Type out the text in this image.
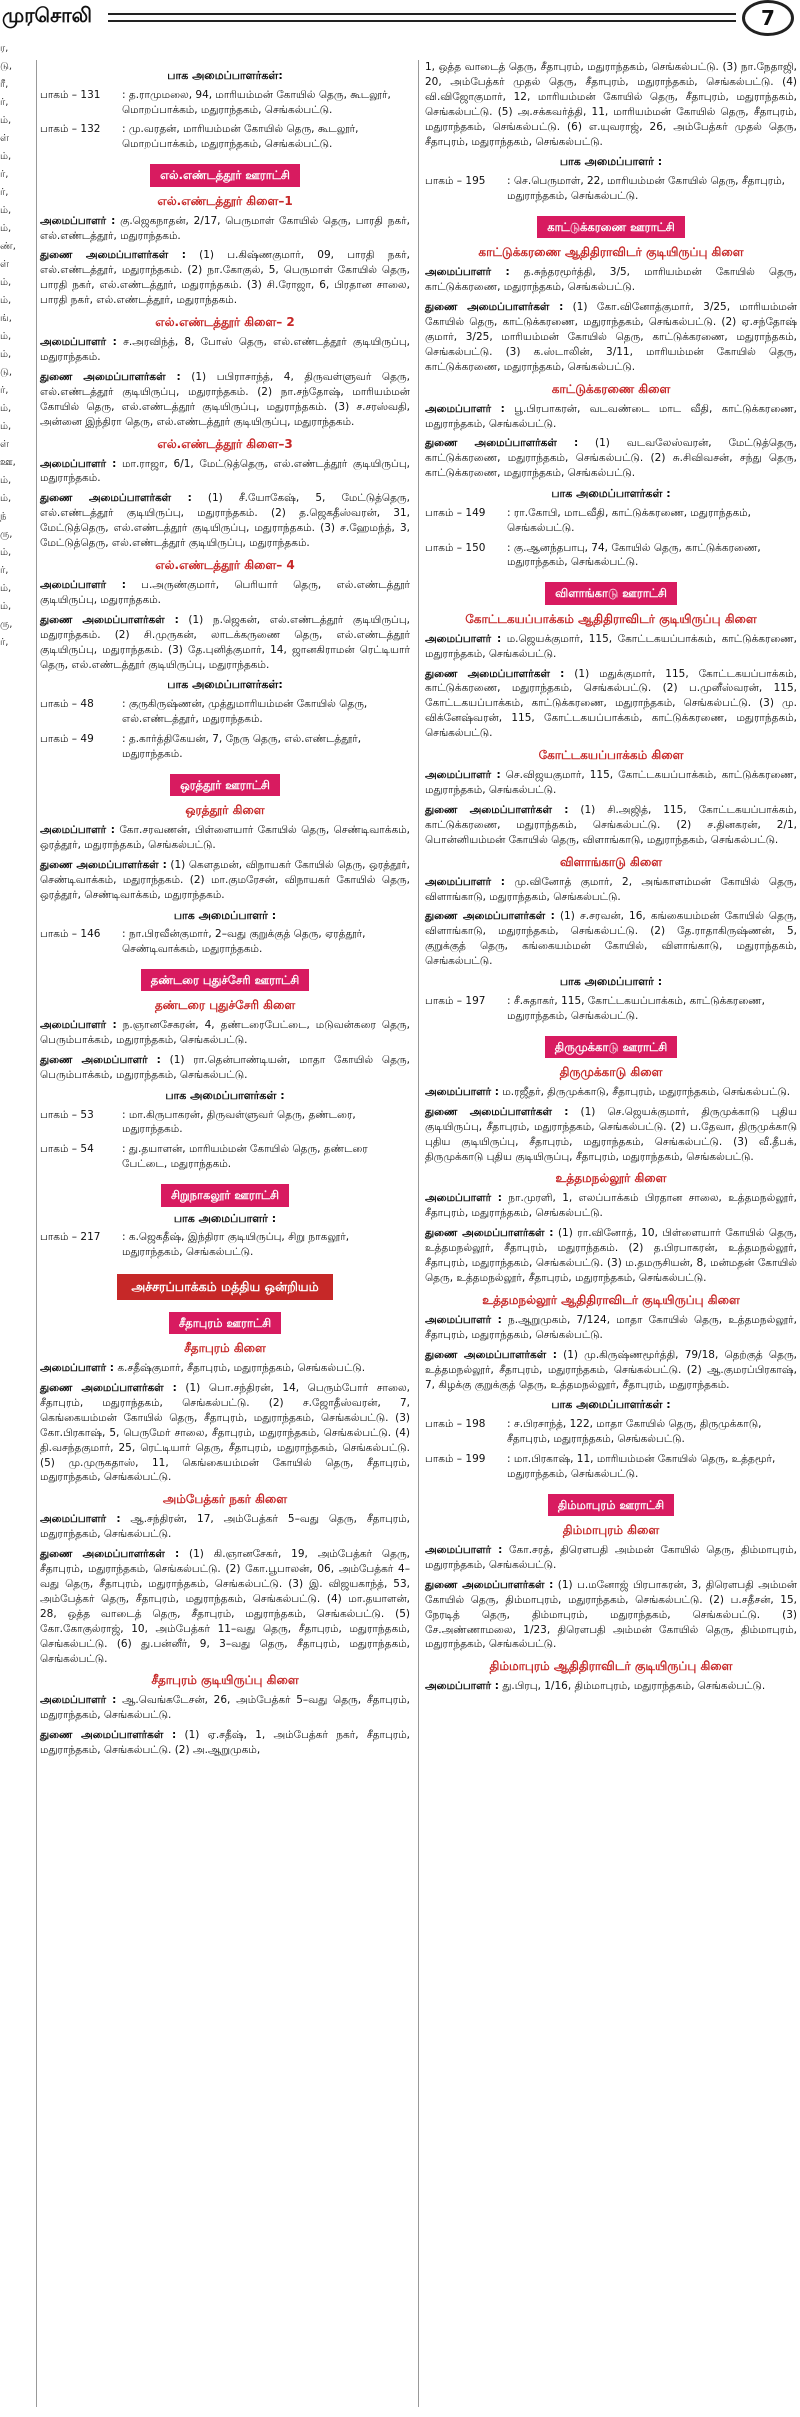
முரசொலி	7
ர,
டு,
ரீ,
ர்,
ம்,
ள்
ம்,
ர்,
ர்,
ம்,
ம்,
ண்,
ள்
ம்,
ம்,
ங்,
ம்,
ம்,
டு,
ர்,
ம்,
ம்,
ள்
ஊ,
ம்,
ம்,
ந்
ரு,
ம்,
ர்,
ம்,
ம்,
ரு,
ர்,
பாக அமைப்பாளர்கள்:
பாகம் – 131	: த.ராமுமலை, 94, மாரியம்மன் கோயில் தெரு, கூடலூர், மொறப்பாக்கம், மதுராந்தகம், செங்கல்பட்டு.
பாகம் – 132	: மு.வரதன், மாரியம்மன் கோயில் தெரு, கூடலூர், மொறப்பாக்கம், மதுராந்தகம், செங்கல்பட்டு.
எல்.எண்டத்தூர் ஊராட்சி
எல்.எண்டத்தூர் கிளை–1
அமைப்பாளர் : கு.ஜெகநாதன், 2/17, பெருமாள் கோயில் தெரு, பாரதி நகர், எல்.எண்டத்தூர், மதுராந்தகம்.
துணை அமைப்பாளர்கள் : (1) ப.கிஷ்ணகுமார், 09, பாரதி நகர், எல்.எண்டத்தூர், மதுராந்தகம். (2) நா.கோகுல், 5, பெருமாள் கோயில் தெரு, பாரதி நகர், எல்.எண்டத்தூர், மதுராந்தகம். (3) சி.ரோஜா, 6, பிரதான சாலை, பாரதி நகர், எல்.எண்டத்தூர், மதுராந்தகம்.
எல்.எண்டத்தூர் கிளை– 2
அமைப்பாளர் : ச.அரவிந்த், 8, போஸ் தெரு, எல்.எண்டத்தூர் குடியிருப்பு, மதுராந்தகம்.
துணை அமைப்பாளர்கள் : (1) பபிராசாந்த், 4, திருவள்ளுவர் தெரு, எல்.எண்டத்தூர் குடியிருப்பு, மதுராந்தகம். (2) நா.சந்தோஷ், மாரியம்மன் கோயில் தெரு, எல்.எண்டத்தூர் குடியிருப்பு, மதுராந்தகம். (3) ச.சரஸ்வதி, அன்னை இந்திரா தெரு, எல்.எண்டத்தூர் குடியிருப்பு, மதுராந்தகம்.
எல்.எண்டத்தூர் கிளை–3
அமைப்பாளர் : மா.ராஜா, 6/1, மேட்டுத்தெரு, எல்.எண்டத்தூர் குடியிருப்பு, மதுராந்தகம்.
துணை அமைப்பாளர்கள் : (1) சீ.யோகேஷ், 5, மேட்டுத்தெரு, எல்.எண்டத்தூர் குடியிருப்பு, மதுராந்தகம். (2) த.ஜெகதீஸ்வரன், 31, மேட்டுத்தெரு, எல்.எண்டத்தூர் குடியிருப்பு, மதுராந்தகம். (3) ச.ஹேமந்த், 3, மேட்டுத்தெரு, எல்.எண்டத்தூர் குடியிருப்பு, மதுராந்தகம்.
எல்.எண்டத்தூர் கிளை– 4
அமைப்பாளர் : ப.அருண்குமார், பெரியார் தெரு, எல்.எண்டத்தூர் குடியிருப்பு, மதுராந்தகம்.
துணை அமைப்பாளர்கள் : (1) ந.ஜெகன், எல்.எண்டத்தூர் குடியிருப்பு, மதுராந்தகம். (2) சி.முருகன், லாடக்கருணை தெரு, எல்.எண்டத்தூர் குடியிருப்பு, மதுராந்தகம். (3) தே.புனித்குமார், 14, ஜானகிராமன் ரெட்டியார் தெரு, எல்.எண்டத்தூர் குடியிருப்பு, மதுராந்தகம்.
பாக அமைப்பாளர்கள்:
பாகம் – 48	: குருகிருஷ்ணன், முத்துமாரியம்மன் கோயில் தெரு, எல்.எண்டத்தூர், மதுராந்தகம்.
பாகம் – 49	: த.கார்த்திகேயன், 7, நேரு தெரு, எல்.எண்டத்தூர், மதுராந்தகம்.
ஒரத்தூர் ஊராட்சி
ஒரத்தூர் கிளை
அமைப்பாளர் : கோ.சரவணன், பிள்ளையார் கோயில் தெரு, செண்டிவாக்கம், ஒரத்தூர், மதுராந்தகம், செங்கல்பட்டு.
துணை அமைப்பாளர்கள் : (1) கௌதமன், விநாயகர் கோயில் தெரு, ஒரத்தூர், செண்டிவாக்கம், மதுராந்தகம். (2) மா.குமரேசன், விநாயகர் கோயில் தெரு, ஒரத்தூர், செண்டிவாக்கம், மதுராந்தகம்.
பாக அமைப்பாளர் :
பாகம் – 146	: நா.பிரவீன்குமார், 2–வது குறுக்குத் தெரு, ஏரத்தூர், செண்டிவாக்கம், மதுராந்தகம்.
தண்டரை புதுச்சேரி ஊராட்சி
தண்டரை புதுச்சேரி கிளை
அமைப்பாளர் : ந.ஞானசேகரன், 4, தண்டரைபேட்டை, மடுவன்கரை தெரு, பெரும்பாக்கம், மதுராந்தகம், செங்கல்பட்டு.
துணை அமைப்பாளர் : (1) ரா.தென்பாண்டியன், மாதா கோயில் தெரு, பெரும்பாக்கம், மதுராந்தகம், செங்கல்பட்டு.
பாக அமைப்பாளர்கள் :
பாகம் – 53	: மா.கிருபாகரன், திருவள்ளுவர் தெரு, தண்டரை, மதுராந்தகம்.
பாகம் – 54	: து.தயாளன், மாரியம்மன் கோயில் தெரு, தண்டரை பேட்டை, மதுராந்தகம்.
சிறுநாகலூர் ஊராட்சி
பாக அமைப்பாளர் :
பாகம் – 217	: க.ஜெகதீஷ், இந்திரா குடியிருப்பு, சிறு நாகலூர், மதுராந்தகம், செங்கல்பட்டு.
அச்சரப்பாக்கம் மத்திய ஒன்றியம்
சீதாபுரம் ஊராட்சி
சீதாபுரம் கிளை
அமைப்பாளர் : க.சதீஷ்குமார், சீதாபுரம், மதுராந்தகம், செங்கல்பட்டு.
துணை அமைப்பாளர்கள் : (1) பொ.சந்திரன், 14, பெரும்போர் சாலை, சீதாபுரம், மதுராந்தகம், செங்கல்பட்டு. (2) ச.ஜோதீஸ்வரன், 7, கெங்கையம்மன் கோயில் தெரு, சீதாபுரம், மதுராந்தகம், செங்கல்பட்டு. (3) கோ.பிரகாஷ், 5, பெருமேர் சாலை, சீதாபுரம், மதுராந்தகம், செங்கல்பட்டு. (4) தி.வசந்தகுமார், 25, ரெட்டியார் தெரு, சீதாபுரம், மதுராந்தகம், செங்கல்பட்டு. (5) மு.முருகதாஸ், 11, கெங்கையம்மன் கோயில் தெரு, சீதாபுரம், மதுராந்தகம், செங்கல்பட்டு.
அம்பேத்கர் நகர் கிளை
அமைப்பாளர் : ஆ.சந்திரன், 17, அம்பேத்கர் 5–வது தெரு, சீதாபுரம், மதுராந்தகம், செங்கல்பட்டு.
துணை அமைப்பாளர்கள் : (1) கி.ஞானசேகர், 19, அம்பேத்கர் தெரு, சீதாபுரம், மதுராந்தகம், செங்கல்பட்டு. (2) கோ.பூபாலன், 06, அம்பேத்கர் 4–வது தெரு, சீதாபுரம், மதுராந்தகம், செங்கல்பட்டு. (3) இ. விஜயகாந்த், 53, அம்பேத்கர் தெரு, சீதாபுரம், மதுராந்தகம், செங்கல்பட்டு. (4) மா.தயாளன், 28, ஒத்த வாடைத் தெரு, சீதாபுரம், மதுராந்தகம், செங்கல்பட்டு. (5) கோ.கோகுல்ராஜ், 10, அம்பேத்கர் 11–வது தெரு, சீதாபுரம், மதுராந்தகம், செங்கல்பட்டு. (6) து.பன்னீர், 9, 3–வது தெரு, சீதாபுரம், மதுராந்தகம், செங்கல்பட்டு.
சீதாபுரம் குடியிருப்பு கிளை
அமைப்பாளர் : ஆ.வெங்கடேசன், 26, அம்பேத்கர் 5–வது தெரு, சீதாபுரம், மதுராந்தகம், செங்கல்பட்டு.
துணை அமைப்பாளர்கள் : (1) ஏ.சதீஷ், 1, அம்பேத்கர் நகர், சீதாபுரம், மதுராந்தகம், செங்கல்பட்டு. (2) அ.ஆறுமுகம்,
1, ஒத்த வாடைத் தெரு, சீதாபுரம், மதுராந்தகம், செங்கல்பட்டு. (3) நா.நேதாஜி, 20, அம்பேத்கர் முதல் தெரு, சீதாபுரம், மதுராந்தகம், செங்கல்பட்டு. (4) வி.விஜோகுமார், 12, மாரியம்மன் கோயில் தெரு, சீதாபுரம், மதுராந்தகம், செங்கல்பட்டு. (5) அ.சக்கவர்த்தி, 11, மாரியம்மன் கோயில் தெரு, சீதாபுரம், மதுராந்தகம், செங்கல்பட்டு. (6) எ.யுவராஜ், 26, அம்பேத்கர் முதல் தெரு, சீதாபுரம், மதுராந்தகம், செங்கல்பட்டு.
பாக அமைப்பாளர் :
பாகம் – 195	: செ.பெருமாள், 22, மாரியம்மன் கோயில் தெரு, சீதாபுரம், மதுராந்தகம், செங்கல்பட்டு.
காட்டுக்கரணை ஊராட்சி
காட்டுக்கரணை ஆதிதிராவிடர் குடியிருப்பு கிளை
அமைப்பாளர் : த.சுந்தரமூர்த்தி, 3/5, மாரியம்மன் கோயில் தெரு, காட்டுக்கரணை, மதுராந்தகம், செங்கல்பட்டு.
துணை அமைப்பாளர்கள் : (1) கோ.வினோத்குமார், 3/25, மாரியம்மன் கோயில் தெரு, காட்டுக்கரணை, மதுராந்தகம், செங்கல்பட்டு. (2) ஏ.சந்தோஷ் குமார், 3/25, மாரியம்மன் கோயில் தெரு, காட்டுக்கரணை, மதுராந்தகம், செங்கல்பட்டு. (3) க.ஸ்டாலின், 3/11, மாரியம்மன் கோயில் தெரு, காட்டுக்கரணை, மதுராந்தகம், செங்கல்பட்டு.
காட்டுக்கரணை கிளை
அமைப்பாளர் : பூ.பிரபாகரன், வடவண்டை மாட வீதி, காட்டுக்கரணை, மதுராந்தகம், செங்கல்பட்டு.
துணை அமைப்பாளர்கள் : (1) வடவலேஸ்வரன், மேட்டுத்தெரு, காட்டுக்கரணை, மதுராந்தகம், செங்கல்பட்டு. (2) சு.சிவிவசன், சந்து தெரு, காட்டுக்கரணை, மதுராந்தகம், செங்கல்பட்டு.
பாக அமைப்பாளர்கள் :
பாகம் – 149	: ரா.கோபி, மாடவீதி, காட்டுக்கரணை, மதுராந்தகம், செங்கல்பட்டு.
பாகம் – 150	: கு.ஆனந்தபாபு, 74, கோயில் தெரு, காட்டுக்கரணை, மதுராந்தகம், செங்கல்பட்டு.
விளாங்காடு ஊராட்சி
கோட்டகயப்பாக்கம் ஆதிதிராவிடர் குடியிருப்பு கிளை
அமைப்பாளர் : ம.ஜெயக்குமார், 115, கோட்டகயப்பாக்கம், காட்டுக்கரணை, மதுராந்தகம், செங்கல்பட்டு.
துணை அமைப்பாளர்கள் : (1) மதுக்குமார், 115, கோட்டகயப்பாக்கம், காட்டுக்கரணை, மதுராந்தகம், செங்கல்பட்டு. (2) ப.முனீஸ்வரன், 115, கோட்டகயப்பாக்கம், காட்டுக்கரணை, மதுராந்தகம், செங்கல்பட்டு. (3) மு. விக்னேஷ்வரன், 115, கோட்டகயப்பாக்கம், காட்டுக்கரணை, மதுராந்தகம், செங்கல்பட்டு.
கோட்டகயப்பாக்கம் கிளை
அமைப்பாளர் : செ.விஜயகுமார், 115, கோட்டகயப்பாக்கம், காட்டுக்கரணை, மதுராந்தகம், செங்கல்பட்டு.
துணை அமைப்பாளர்கள் : (1) சி.அஜித், 115, கோட்டகயப்பாக்கம், காட்டுக்கரணை, மதுராந்தகம், செங்கல்பட்டு. (2) ச.தினகரன், 2/1, பொன்னியம்மன் கோயில் தெரு, விளாங்காடு, மதுராந்தகம், செங்கல்பட்டு.
விளாங்காடு கிளை
அமைப்பாளர் : மு.வினோத் குமார், 2, அங்காளம்மன் கோயில் தெரு, விளாங்காடு, மதுராந்தகம், செங்கல்பட்டு.
துணை அமைப்பாளர்கள் : (1) ச.சரவன், 16, கங்கையம்மன் கோயில் தெரு, விளாங்காடு, மதுராந்தகம், செங்கல்பட்டு. (2) தே.ராதாகிருஷ்ணன், 5, குறுக்குத் தெரு, கங்கையம்மன் கோயில், விளாங்காடு, மதுராந்தகம், செங்கல்பட்டு.
பாக அமைப்பாளர் :
பாகம் – 197	: சீ.சுதாகர், 115, கோட்டகயப்பாக்கம், காட்டுக்கரணை, மதுராந்தகம், செங்கல்பட்டு.
திருமுக்காடு ஊராட்சி
திருமுக்காடு கிளை
அமைப்பாளர் : ம.ரஜீதர், திருமுக்காடு, சீதாபுரம், மதுராந்தகம், செங்கல்பட்டு.
துணை அமைப்பாளர்கள் : (1) செ.ஜெயக்குமார், திருமுக்காடு புதிய குடியிருப்பு, சீதாபுரம், மதுராந்தகம், செங்கல்பட்டு. (2) ப.தேவா, திருமுக்காடு புதிய குடியிருப்பு, சீதாபுரம், மதுராந்தகம், செங்கல்பட்டு. (3) வீ.தீபக், திருமுக்காடு புதிய குடியிருப்பு, சீதாபுரம், மதுராந்தகம், செங்கல்பட்டு.
உத்தமநல்லூர் கிளை
அமைப்பாளர் : நா.முரளி, 1, எலப்பாக்கம் பிரதான சாலை, உத்தமநல்லூர், சீதாபுரம், மதுராந்தகம், செங்கல்பட்டு.
துணை அமைப்பாளர்கள் : (1) ரா.வினோத், 10, பிள்ளையார் கோயில் தெரு, உத்தமநல்லூர், சீதாபுரம், மதுராந்தகம். (2) த.பிரபாகரன், உத்தமநல்லூர், சீதாபுரம், மதுராந்தகம், செங்கல்பட்டு. (3) ம.தமருசியன், 8, மன்மதன் கோயில் தெரு, உத்தமநல்லூர், சீதாபுரம், மதுராந்தகம், செங்கல்பட்டு.
உத்தமநல்லூர் ஆதிதிராவிடர் குடியிருப்பு கிளை
அமைப்பாளர் : ந.ஆறுமுகம், 7/124, மாதா கோயில் தெரு, உத்தமநல்லூர், சீதாபுரம், மதுராந்தகம், செங்கல்பட்டு.
துணை அமைப்பாளர்கள் : (1) மு.கிருஷ்ணமூர்த்தி, 79/18, தெற்குத் தெரு, உத்தமநல்லூர், சீதாபுரம், மதுராந்தகம், செங்கல்பட்டு. (2) ஆ.குமரப்பிரகாஷ், 7, கிழக்கு குறுக்குத் தெரு, உத்தமநல்லூர், சீதாபுரம், மதுராந்தகம்.
பாக அமைப்பாளர்கள் :
பாகம் – 198	: ச.பிரசாந்த், 122, மாதா கோயில் தெரு, திருமுக்காடு, சீதாபுரம், மதுராந்தகம், செங்கல்பட்டு.
பாகம் – 199	: மா.பிரகாஷ், 11, மாரியம்மன் கோயில் தெரு, உத்தமூர், மதுராந்தகம், செங்கல்பட்டு.
திம்மாபுரம் ஊராட்சி
திம்மாபுரம் கிளை
அமைப்பாளர் : கோ.சரத், திரௌபதி அம்மன் கோயில் தெரு, திம்மாபுரம், மதுராந்தகம், செங்கல்பட்டு.
துணை அமைப்பாளர்கள் : (1) ப.மனோஜ் பிரபாகரன், 3, திரௌபதி அம்மன் கோயில் தெரு, திம்மாபுரம், மதுராந்தகம், செங்கல்பட்டு. (2) ப.சதீசன், 15, நேரடித் தெரு, திம்மாபுரம், மதுராந்தகம், செங்கல்பட்டு. (3) சே.அண்ணாமலை, 1/23, திரௌபதி அம்மன் கோயில் தெரு, திம்மாபுரம், மதுராந்தகம், செங்கல்பட்டு.
திம்மாபுரம் ஆதிதிராவிடர் குடியிருப்பு கிளை
அமைப்பாளர் : து.பிரபு, 1/16, திம்மாபுரம், மதுராந்தகம், செங்கல்பட்டு.
